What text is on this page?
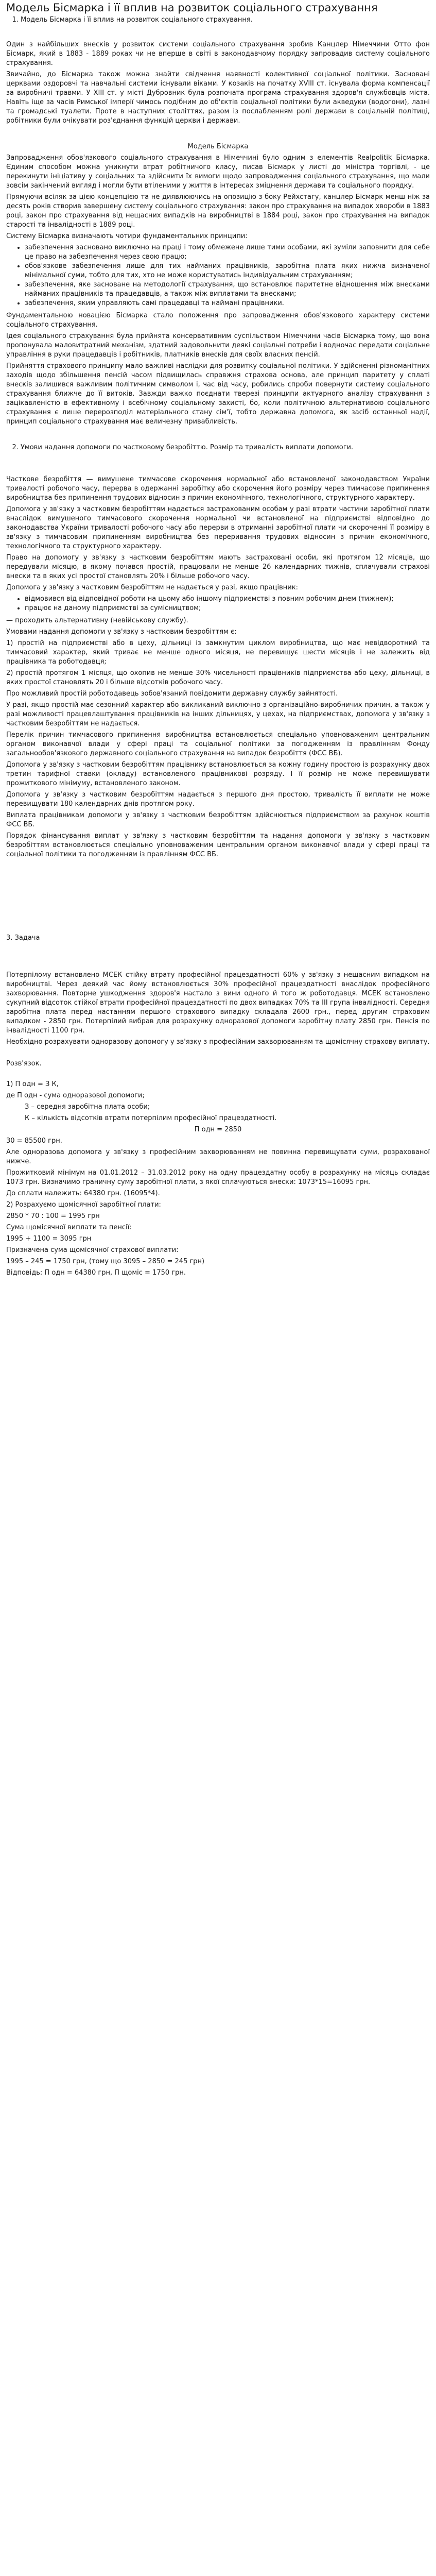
Модель Бісмарка і її вплив на розвиток соціального страхування
1. Модель Бісмарка і її вплив на розвиток соціального страхування.

Один з найбільших внесків у розвиток системи соціального страхування зробив Канцлер Німеччини Отто фон Бісмарк, який в 1883 - 1889 роках чи не вперше в світі в законодавчому порядку запровадив систему соціального страхування.

Звичайно, до Бісмарка також можна знайти свідчення наявності колективної соціальної політики. Засновані церквами оздоровчі та навчальні системи існували віками. У козаків на початку XVIII ст. існувала форма компенсації за виробничі травми. У XIII ст. у місті Дубровник була розпочата програма страхування здоров'я службовців міста. Навіть іще за часів Римської імперії чимось подібним до об'єктів соціальної політики були акведуки (водогони), лазні та громадські туалети. Проте в наступних століттях, разом із послабленням ролі держави в соціальній політиці, робітники були очікувати роз'єднання функцій церкви і держави.

Модель Бісмарка

Запровадження обов'язкового соціального страхування в Німеччині було одним з елементів Realpolitik Бісмарка. Єдиним способом можна уникнути втрат робітничого класу, писав Бісмарк у листі до міністра торгівлі, - це перекинути ініціативу у соціальних та здійснити їх вимоги щодо запровадження соціального страхування, що мали зовсім закінчений вигляд і могли бути втіленими у життя в інтересах зміцнення держави та соціального порядку.

Прямуючи всіляк за цією концепцією та не диявлюючись на опозицію з боку Рейхстагу, канцлер Бісмарк менш ніж за десять років створив завершену систему соціального страхування: закон про страхування на випадок хвороби в 1883 році, закон про страхування від нещасних випадків на виробництві в 1884 році, закон про страхування на випадок старості та інвалідності в 1889 році.

Систему Бісмарка визначають чотири фундаментальних принципи:

• забезпечення засновано виключно на праці і тому обмежене лише тими особами, які зуміли заповнити для себе це право на забезпечення через свою працю;
• обов'язкове забезпечення лише для тих найманих працівників, заробітна плата яких нижча визначеної мінімальної суми, тобто для тих, хто не може користуватись індивідуальним страхуванням;
• забезпечення, яке засноване на методології страхування, що встановлює паритетне відношення між внесками найманих працівників та працедавців, а також між виплатами та внесками;
• забезпечення, яким управляють самі працедавці та наймані працівники.

Фундаментальною новацією Бісмарка стало положення про запровадження обов'язкового характеру системи соціального страхування.

Ідея соціального страхування була прийнята консервативним суспільством Німеччини часів Бісмарка тому, що вона пропонувала маловитратний механізм, здатний задовольнити деякі соціальні потреби і водночас передати соціальне управління в руки працедавців і робітників, платників внесків для своїх власних пенсій.

Прийняття страхового принципу мало важливі наслідки для розвитку соціальної політики. У здійсненні різноманітних заходів щодо збільшення пенсій часом підвищилась справжня страхова основа, але принцип паритету у сплаті внесків залишився важливим політичним символом і, час від часу, робились спроби повернути систему соціального страхування ближче до її витоків. Завжди важко поєднати тверезі принципи актуарного аналізу страхування з зацікавленістю в ефективному і всебічному соціальному захисті, бо, коли політичною альтернативою соціального страхування є лише перерозподіл матеріального стану сім'ї, тобто державна допомога, як засіб останньої надії, принцип соціального страхування має величезну привабливість.

2. Умови надання допомоги по частковому безробіттю. Розмір та тривалість виплати допомоги.

Часткове безробіття — вимушене тимчасове скорочення нормальної або встановленої законодавством України тривалості робочого часу, перерва в одержанні заробітку або скорочення його розміру через тимчасове припинення виробництва без припинення трудових відносин з причин економічного, технологічного, структурного характеру.

Допомога у зв'язку з частковим безробіттям надається застрахованим особам у разі втрати частини заробітної плати внаслідок вимушеного тимчасового скорочення нормальної чи встановленої на підприємстві відповідно до законодавства України тривалості робочого часу або перерви в отриманні заробітної плати чи скороченні її розміру в зв'язку з тимчасовим припиненням виробництва без переривання трудових відносин з причин економічного, технологічного та структурного характеру.

Право на допомогу у зв'язку з частковим безробіттям мають застраховані особи, які протягом 12 місяців, що передували місяцю, в якому почався простій, працювали не менше 26 календарних тижнів, сплачували страхові внески та в яких усі простої становлять 20% і більше робочого часу.

Допомога у зв'язку з частковим безробіттям не надається у разі, якщо працівник:

• відмовився від відповідної роботи на цьому або іншому підприємстві з повним робочим днем (тижнем);
• працює на даному підприємстві за сумісництвом;

— проходить альтернативну (невійськову службу).

Умовами надання допомоги у зв'язку з частковим безробіттям є:

1) простій на підприємстві або в цеху, дільниці із замкнутим циклом виробництва, що має невідворотний та тимчасовий характер, який триває не менше одного місяця, не перевищує шести місяців і не залежить від працівника та роботодавця;

2) простій протягом 1 місяця, що охопив не менше 30% чисельності працівників підприємства або цеху, дільниці, в яких простої становлять 20 і більше відсотків робочого часу.

Про можливий простій роботодавець зобов'язаний повідомити державну службу зайнятості.

У разі, якщо простій має сезонний характер або викликаний виключно з організаційно-виробничих причин, а також у разі можливості працевлаштування працівників на інших дільницях, у цехах, на підприємствах, допомога у зв'язку з частковим безробіттям не надається.

Перелік причин тимчасового припинення виробництва встановлюється спеціально уповноваженим центральним органом виконавчої влади у сфері праці та соціальної політики за погодженням із правлінням Фонду загальнообов'язкового державного соціального страхування на випадок безробіття (ФСС ВБ).

Допомога у зв'язку з частковим безробіттям працівнику встановлюється за кожну годину простою із розрахунку двох третин тарифної ставки (окладу) встановленого працівникові розряду. І її розмір не може перевищувати прожиткового мінімуму, встановленого законом.

Допомога у зв'язку з частковим безробіттям надається з першого дня простою, тривалість її виплати не може перевищувати 180 календарних днів протягом року.

Виплата працівникам допомоги у зв'язку з частковим безробіттям здійснюється підприємством за рахунок коштів ФСС ВБ.

Порядок фінансування виплат у зв'язку з частковим безробіттям та надання допомоги у зв'язку з частковим безробіттям встановлюється спеціально уповноваженим центральним органом виконавчої влади у сфері праці та соціальної політики та погодженням із правлінням ФСС ВБ.

3. Задача

Потерпілому встановлено МСЕК стійку втрату професійної працездатності 60% у зв'язку з нещасним випадком на виробництві. Через деякий час йому встановлюється 30% професійної працездатності внаслідок професійного захворювання. Повторне ушкодження здоров'я настало з вини одного й того ж роботодавця. МСЕК встановлено сукупний відсоток стійкої втрати професійної працездатності по двох випадках 70% та ІІІ група інвалідності. Середня заробітна плата перед настанням першого страхового випадку складала 2600 грн., перед другим страховим випадком - 2850 грн. Потерпілий вибрав для розрахунку одноразової допомоги заробітну плату 2850 грн. Пенсія по інвалідності 1100 грн.

Необхідно розрахувати одноразову допомогу у зв'язку з професійним захворюванням та щомісячну страхову виплату.

Розв'язок.

1) П одн = З К,

де П одн - сума одноразової допомоги;

З – середня заробітна плата особи;

К – кількість відсотків втрати потерпілим професійної працездатності.

П одн = 2850

30 = 85500 грн.

Але одноразова допомога у зв'язку з професійним захворюванням не повинна перевищувати суми, розрахованої нижче.

Прожитковий мінімум на 01.01.2012 – 31.03.2012 року на одну працездатну особу в розрахунку на місяць складає 1073 грн. Визначимо граничну суму заробітної плати, з якої сплачуються внески: 1073*15=16095 грн.

До сплати належить: 64380 грн. (16095*4).

2) Розрахуємо щомісячної заробітної плати:

2850 * 70 : 100 = 1995 грн

Сума щомісячної виплати та пенсії:

1995 + 1100 = 3095 грн

Призначена сума щомісячної страхової виплати:

1995 – 245 = 1750 грн, (тому що 3095 – 2850 = 245 грн)

Відповідь: П одн = 64380 грн, П щоміс = 1750 грн.
